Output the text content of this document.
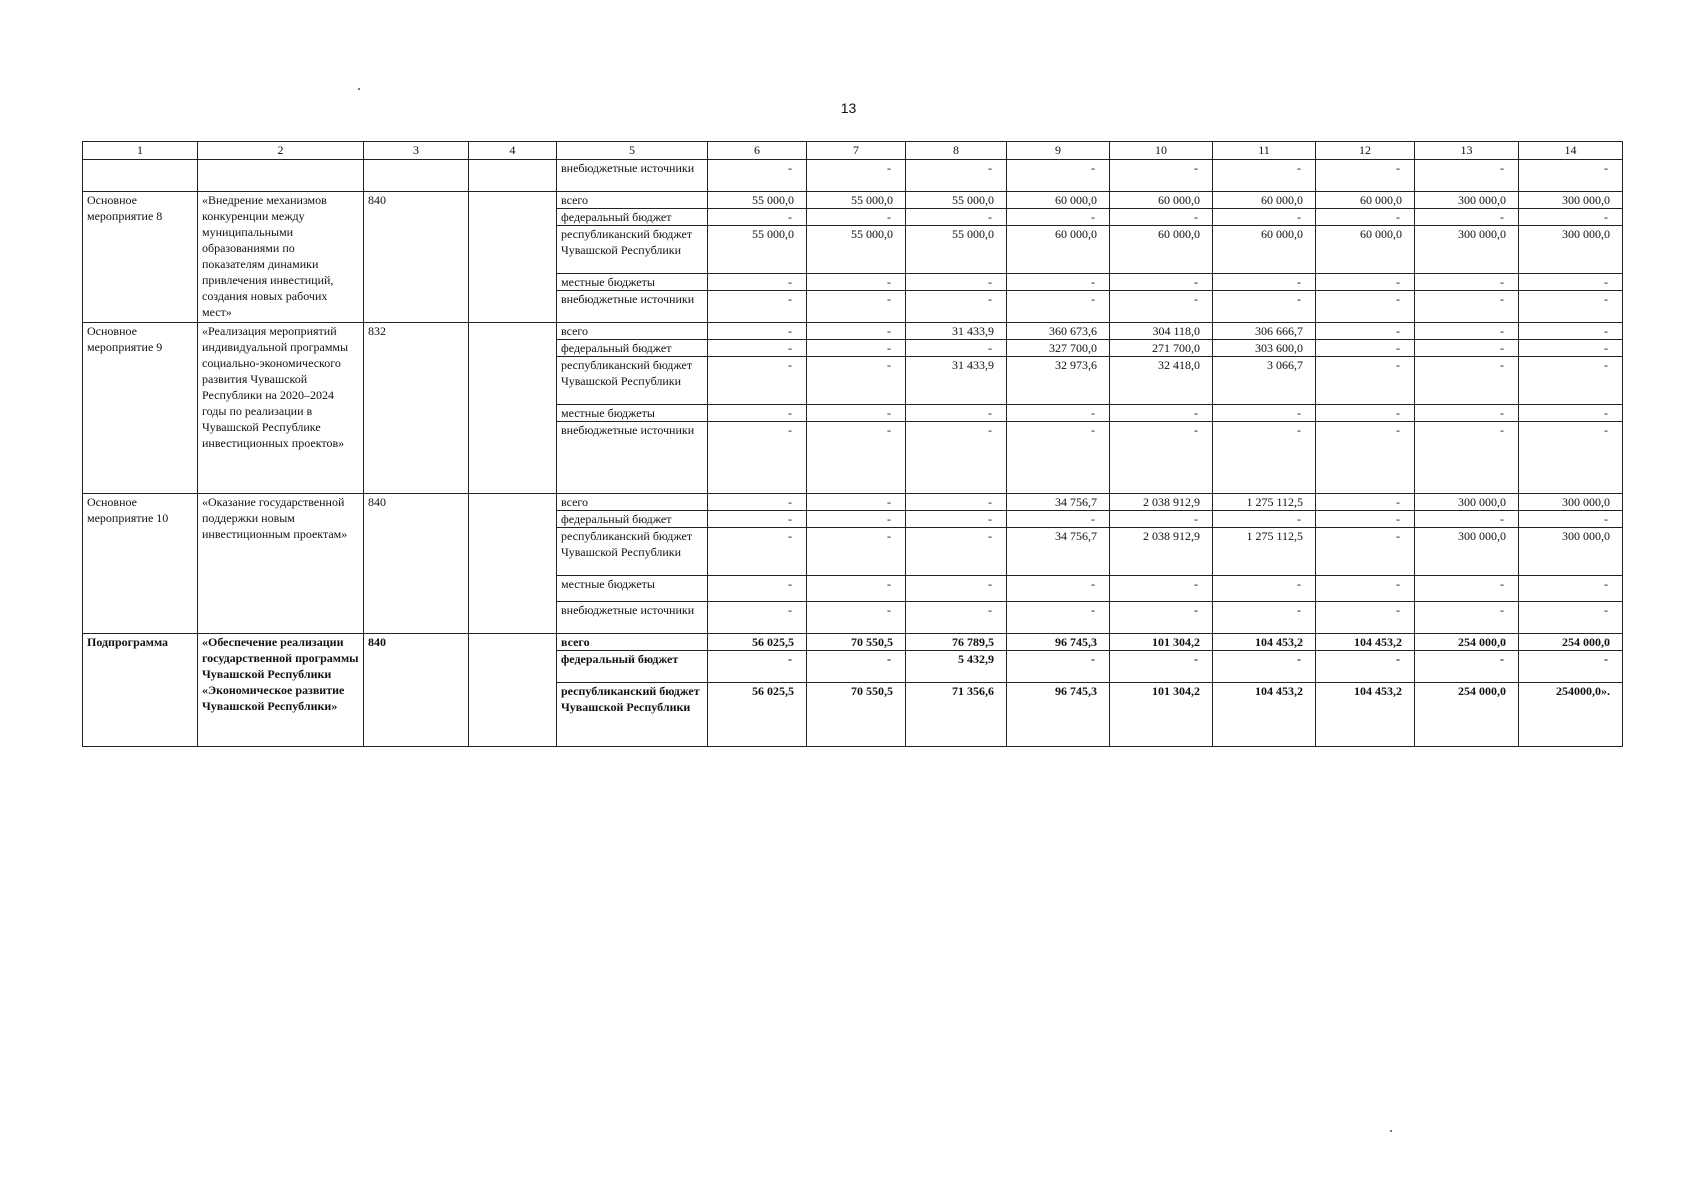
13
1	2	3	4	5	6	7	8	9	10	11	12	13	14
				внебюджетные источники	-	-	-	-	-	-	-	-	-
Основное мероприятие 8	«Внедрение механизмов конкуренции между муниципальными образованиями по показателям динамики привлечения инвестиций, создания новых рабочих мест»	840		всего	55 000,0	55 000,0	55 000,0	60 000,0	60 000,0	60 000,0	60 000,0	300 000,0	300 000,0
				федеральный бюджет	-	-	-	-	-	-	-	-	-
				республиканский бюджет Чувашской Республики	55 000,0	55 000,0	55 000,0	60 000,0	60 000,0	60 000,0	60 000,0	300 000,0	300 000,0
				местные бюджеты	-	-	-	-	-	-	-	-	-
				внебюджетные источники	-	-	-	-	-	-	-	-	-
Основное мероприятие 9	«Реализация мероприятий индивидуальной программы социально-экономического развития Чувашской Республики на 2020–2024 годы по реализации в Чувашской Республике инвестиционных проектов»	832		всего	-	-	31 433,9	360 673,6	304 118,0	306 666,7	-	-	-
				федеральный бюджет	-	-	-	327 700,0	271 700,0	303 600,0	-	-	-
				республиканский бюджет Чувашской Республики	-	-	31 433,9	32 973,6	32 418,0	3 066,7	-	-	-
				местные бюджеты	-	-	-	-	-	-	-	-	-
				внебюджетные источники	-	-	-	-	-	-	-	-	-
Основное мероприятие 10	«Оказание государственной поддержки новым инвестиционным проектам»	840		всего	-	-	-	34 756,7	2 038 912,9	1 275 112,5	-	300 000,0	300 000,0
				федеральный бюджет	-	-	-	-	-	-	-	-	-
				республиканский бюджет Чувашской Республики	-	-	-	34 756,7	2 038 912,9	1 275 112,5	-	300 000,0	300 000,0
				местные бюджеты	-	-	-	-	-	-	-	-	-
				внебюджетные источники	-	-	-	-	-	-	-	-	-
Подпрограмма	«Обеспечение реализации государственной программы Чувашской Республики «Экономическое развитие Чувашской Республики»	840		всего	56 025,5	70 550,5	76 789,5	96 745,3	101 304,2	104 453,2	104 453,2	254 000,0	254 000,0
				федеральный бюджет	-	-	5 432,9	-	-	-	-	-	-
				республиканский бюджет Чувашской Республики	56 025,5	70 550,5	71 356,6	96 745,3	101 304,2	104 453,2	104 453,2	254 000,0	254000,0».
